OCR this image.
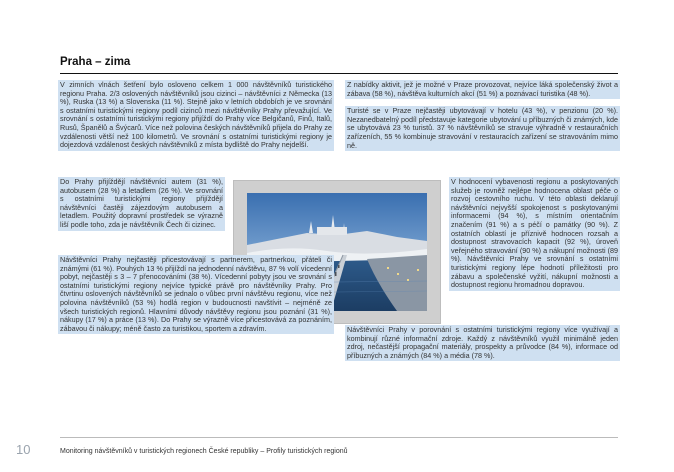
Praha – zima

V zimních vlnách šetření bylo osloveno celkem 1 000 návštěvníků turistického regionu Praha. 2/3 oslovených návštěvníků jsou cizinci – návštěvníci z Německa (13 %), Ruska (13 %) a Slovenska (11 %). Stejně jako v letních obdobích je ve srovnání s ostatními turistickými regiony podíl cizinců mezi návštěvníky Prahy převažující. Ve srovnání s ostatními turistickými regiony přijíždí do Prahy více Belgičanů, Finů, Italů, Rusů, Španělů a Švýcarů. Více než polovina českých návštěvníků přijela do Prahy ze vzdálenosti větší než 100 kilometrů. Ve srovnání s ostatními turistickými regiony je dojezdová vzdálenost českých návštěvníků z místa bydliště do Prahy nejdelší.

Z nabídky aktivit, jež je možné v Praze provozovat, nejvíce láká společenský život a zábava (58 %), návštěva kulturních akcí (51 %) a poznávací turistika (48 %).

Turisté se v Praze nejčastěji ubytovávají v hotelu (43 %), v penzionu (20 %). Nezanedbatelný podíl představuje kategorie ubytování u příbuzných či známých, kde se ubytovává 23 % turistů. 37 % návštěvníků se stravuje výhradně v restauračních zařízeních, 55 % kombinuje stravování v restauracích zařízení se stravováním mimo ně.

Do Prahy přijíždějí návštěvníci autem (31 %), autobusem (28 %) a letadlem (26 %). Ve srovnání s ostatními turistickými regiony přijíždějí návštěvníci častěji zájezdovým autobusem a letadlem. Použitý dopravní prostředek se výrazně liší podle toho, zda je návštěvník Čech či cizinec.

V hodnocení vybavenosti regionu a poskytovaných služeb je rovněž nejlépe hodnocena oblast péče o rozvoj cestovního ruchu. V této oblasti deklarují návštěvníci nejvyšší spokojenost s poskytovanými informacemi (94 %), s místním orientačním značením (91 %) a s péčí o památky (90 %). Z ostatních oblastí je příznivě hodnocen rozsah a dostupnost stravovacích kapacit (92 %), úroveň veřejného stravování (90 %) a nákupní možnosti (89 %). Návštěvníci Prahy ve srovnání s ostatními turistickými regiony lépe hodnotí příležitosti pro zábavu a společenské vyžití, nákupní možnosti a dostupnost regionu hromadnou dopravou.

Návštěvníci Prahy nejčastěji přicestovávají s partnerem, partnerkou, přáteli či známými (61 %). Pouhých 13 % přijíždí na jednodenní návštěvu, 87 % volí vícedenní pobyt, nejčastěji s 3 – 7 přenocováními (38 %). Vícedenní pobyty jsou ve srovnání s ostatními turistickými regiony nejvíce typické právě pro návštěvníky Prahy. Pro čtvrtinu oslovených návštěvníků se jednalo o vůbec první návštěvu regionu, více než polovina návštěvníků (53 %) hodlá region v budoucnosti navštívit – nejméně ze všech turistických regionů. Hlavními důvody návštěvy regionu jsou poznání (31 %), nákupy (17 %) a práce (13 %). Do Prahy se výrazně více přicestovává za poznáním, zábavou či nákupy; méně často za turistikou, sportem a zdravím.	Návštěvníci Prahy v porovnání s ostatními turistickými regiony více využívají a kombinují různé informační zdroje. Každý z návštěvníků využil minimálně jeden zdroj, nečastější propagační materiály, prospekty a průvodce (84 %), informace od příbuzných a známých (84 %) a média (78 %).

10	Monitoring návštěvníků v turistických regionech České republiky – Profily turistických regionů
